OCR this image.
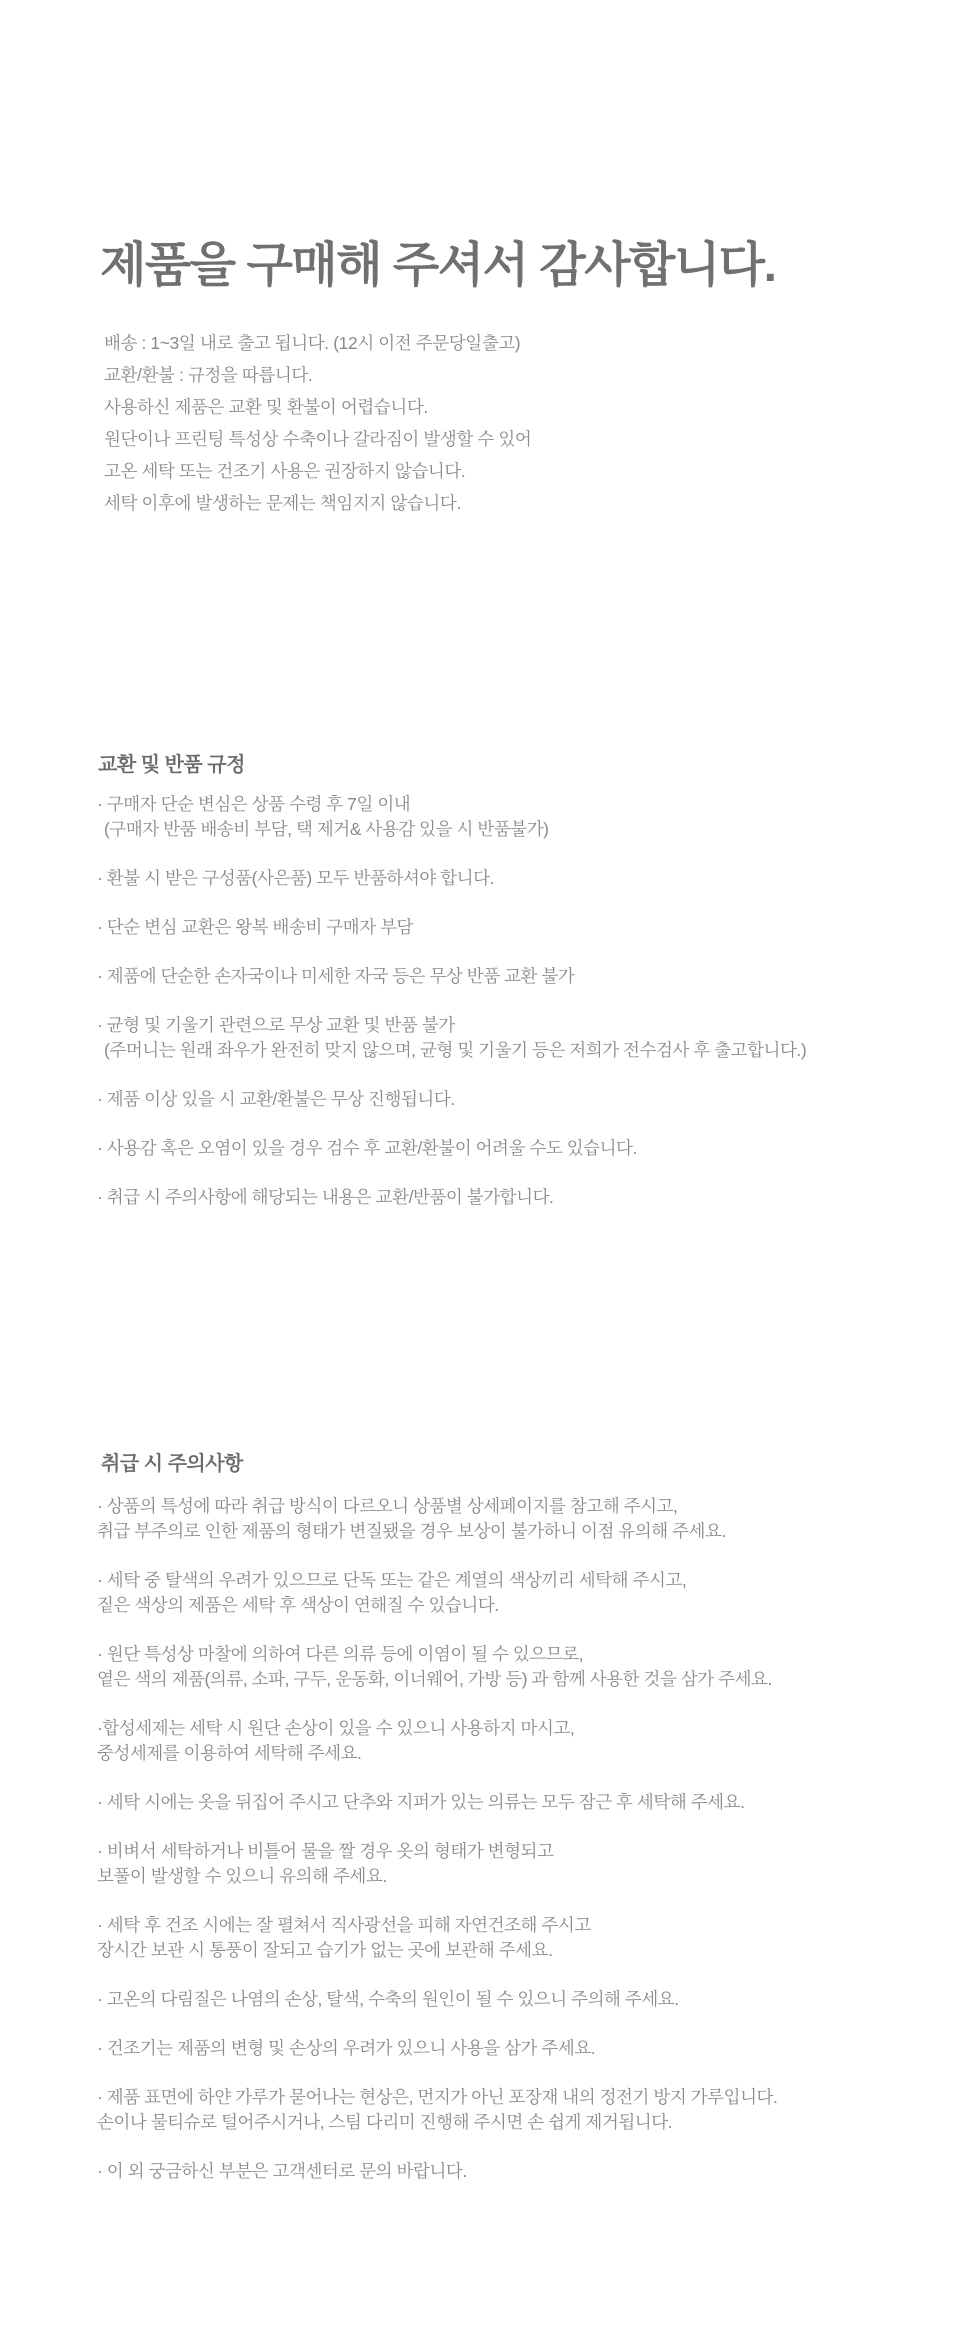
제품을 구매해 주셔서 감사합니다.
배송 : 1~3일 내로 출고 됩니다. (12시 이전 주문당일출고)
교환/환불 : 규정을 따릅니다.
사용하신 제품은 교환 및 환불이 어렵습니다.
원단이나 프린팅 특성상 수축이나 갈라짐이 발생할 수 있어
고온 세탁 또는 건조기 사용은 권장하지 않습니다.
세탁 이후에 발생하는 문제는 책임지지 않습니다.
교환 및 반품 규정
· 구매자 단순 변심은 상품 수령 후 7일 이내
(구매자 반품 배송비 부담, 택 제거& 사용감 있을 시 반품불가)
· 환불 시 받은 구성품(사은품) 모두 반품하셔야 합니다.
· 단순 변심 교환은 왕복 배송비 구매자 부담
· 제품에 단순한 손자국이나 미세한 자국 등은 무상 반품 교환 불가
· 균형 및 기울기 관련으로 무상 교환 및 반품 불가
(주머니는 원래 좌우가 완전히 맞지 않으며, 균형 및 기울기 등은 저희가 전수검사 후 출고합니다.)
· 제품 이상 있을 시 교환/환불은 무상 진행됩니다.
· 사용감 혹은 오염이 있을 경우 검수 후 교환/환불이 어려울 수도 있습니다.
· 취급 시 주의사항에 해당되는 내용은 교환/반품이 불가합니다.
취급 시 주의사항
· 상품의 특성에 따라 취급 방식이 다르오니 상품별 상세페이지를 참고해 주시고,
취급 부주의로 인한 제품의 형태가 변질됐을 경우 보상이 불가하니 이점 유의해 주세요.
· 세탁 중 탈색의 우려가 있으므로 단독 또는 같은 계열의 색상끼리 세탁해 주시고,
짙은 색상의 제품은 세탁 후 색상이 연해질 수 있습니다.
· 원단 특성상 마찰에 의하여 다른 의류 등에 이염이 될 수 있으므로,
옅은 색의 제품(의류, 소파, 구두, 운동화, 이너웨어, 가방 등) 과 함께 사용한 것을 삼가 주세요.
·합성세제는 세탁 시 원단 손상이 있을 수 있으니 사용하지 마시고,
중성세제를 이용하여 세탁해 주세요.
· 세탁 시에는 옷을 뒤집어 주시고 단추와 지퍼가 있는 의류는 모두 잠근 후 세탁해 주세요.
· 비벼서 세탁하거나 비틀어 물을 짤 경우 옷의 형태가 변형되고
보풀이 발생할 수 있으니 유의해 주세요.
· 세탁 후 건조 시에는 잘 펼쳐서 직사광선을 피해 자연건조해 주시고
장시간 보관 시 통풍이 잘되고 습기가 없는 곳에 보관해 주세요.
· 고온의 다림질은 나염의 손상, 탈색, 수축의 원인이 될 수 있으니 주의해 주세요.
· 건조기는 제품의 변형 및 손상의 우려가 있으니 사용을 삼가 주세요.
· 제품 표면에 하얀 가루가 묻어나는 현상은, 먼지가 아닌 포장재 내의 정전기 방지 가루입니다.
손이나 물티슈로 털어주시거나, 스팀 다리미 진행해 주시면 손 쉽게 제거됩니다.
· 이 외 궁금하신 부분은 고객센터로 문의 바랍니다.
